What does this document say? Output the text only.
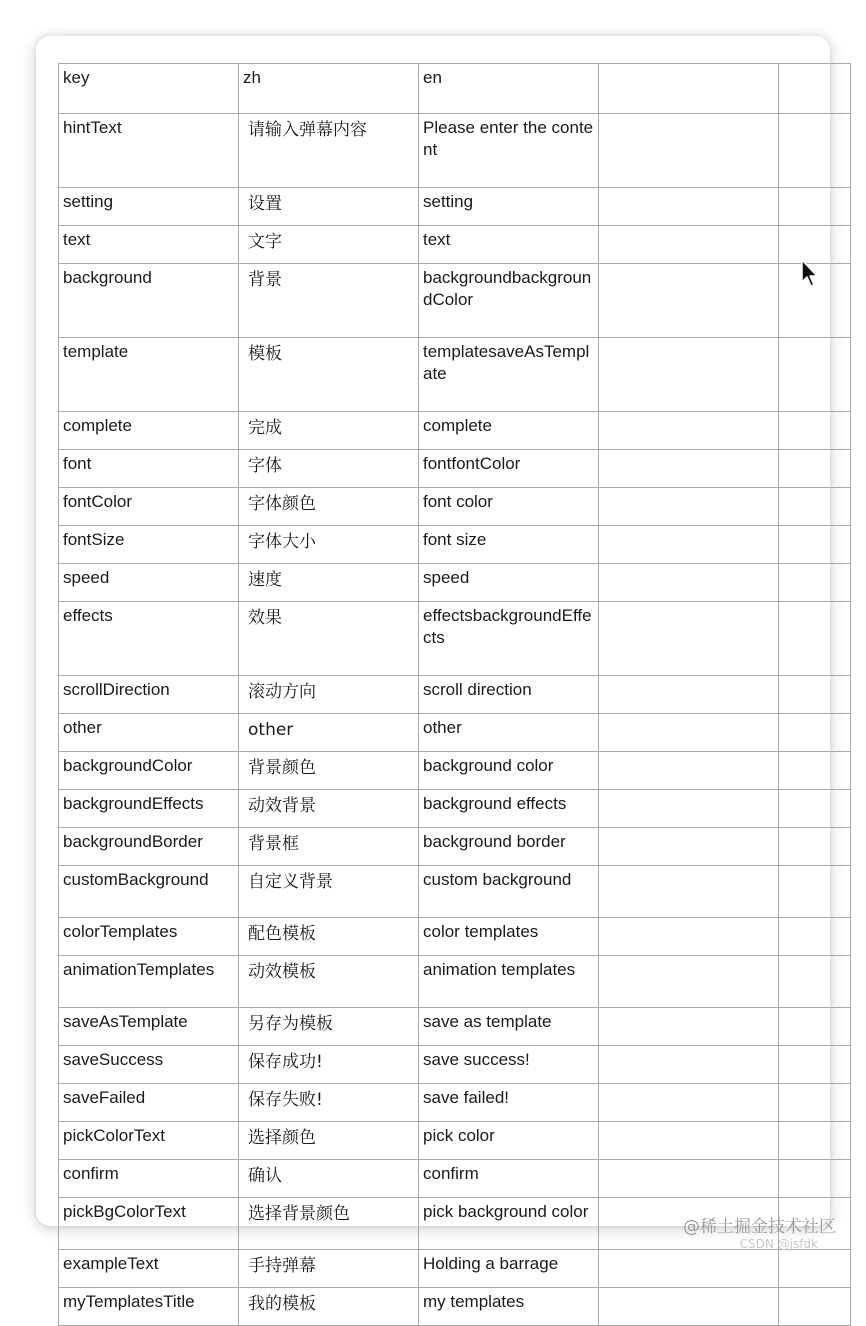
key	zh	en		
hintText	请输入弹幕内容	Please enter the content		
setting	设置	setting		
text	文字	text		
background	背景	backgroundbackgroundColor		
template	模板	templatesaveAsTemplate		
complete	完成	complete		
font	字体	fontfontColor		
fontColor	字体颜色	font color		
fontSize	字体大小	font size		
speed	速度	speed		
effects	效果	effectsbackgroundEffects		
scrollDirection	滚动方向	scroll direction		
other	other	other		
backgroundColor	背景颜色	background color		
backgroundEffects	动效背景	background effects		
backgroundBorder	背景框	background border		
customBackground	自定义背景	custom background		
colorTemplates	配色模板	color templates		
animationTemplates	动效模板	animation templates		
saveAsTemplate	另存为模板	save as template		
saveSuccess	保存成功!	save success!		
saveFailed	保存失败!	save failed!		
pickColorText	选择颜色	pick color		
confirm	确认	confirm		
pickBgColorText	选择背景颜色	pick background color		
exampleText	手持弹幕	Holding a barrage		
myTemplatesTitle	我的模板	my templates		
@稀土掘金技术社区
CSDN @jsfdk
